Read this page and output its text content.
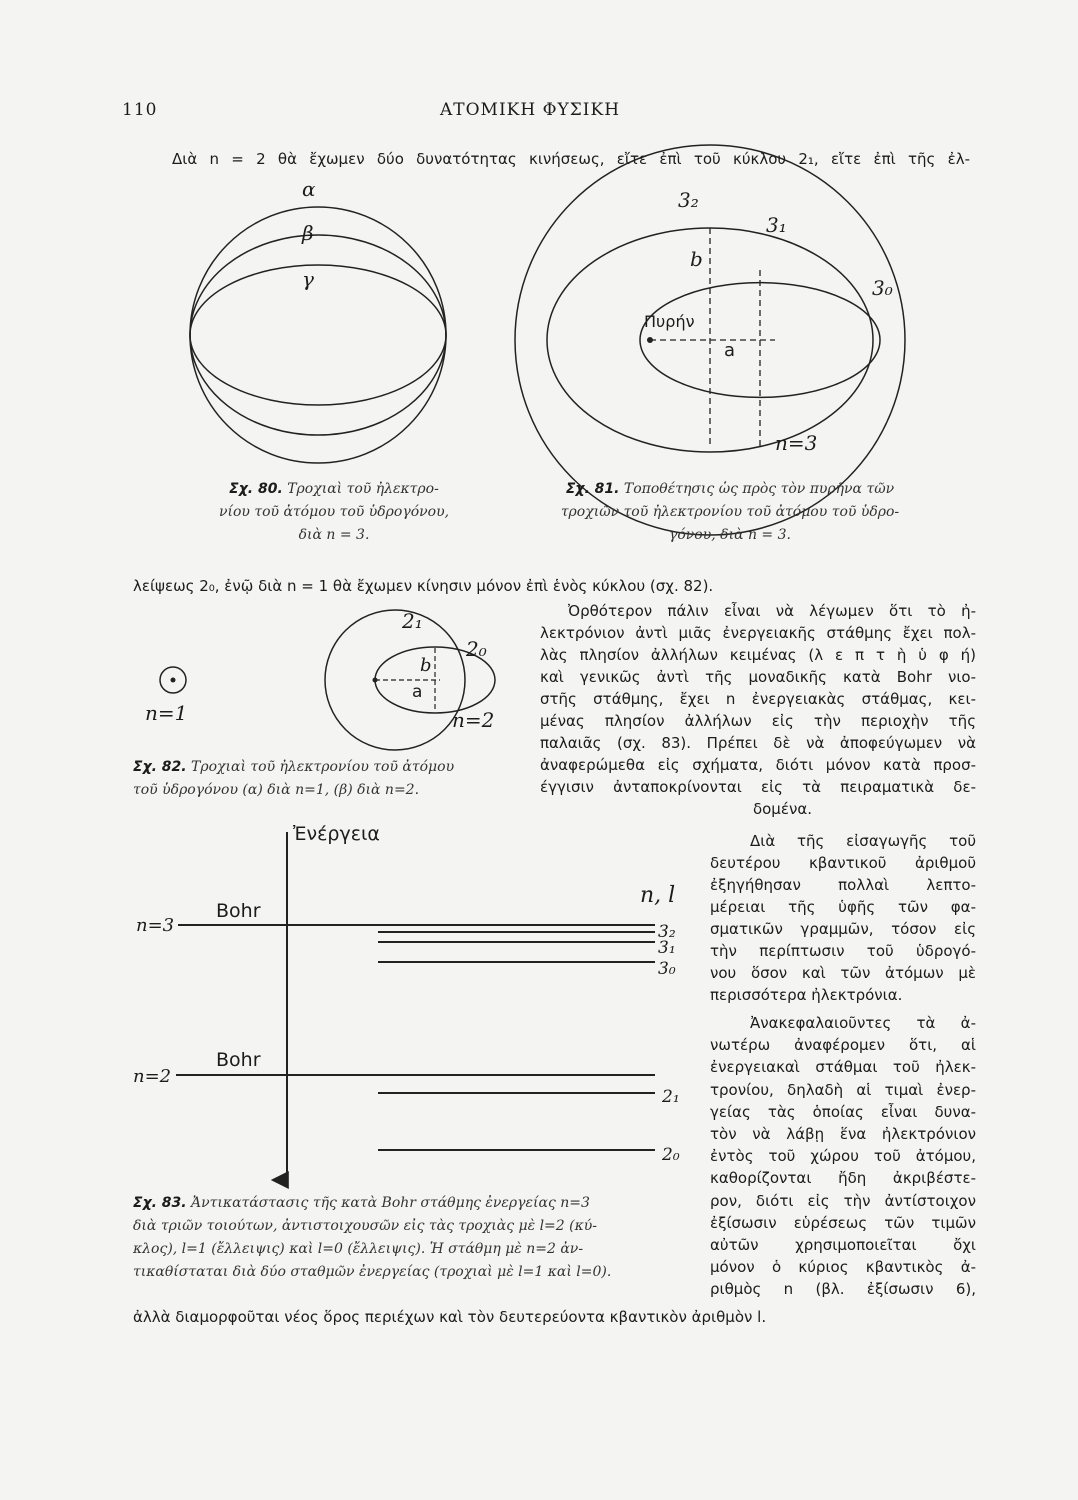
110	ΑΤΟΜΙΚΗ ΦΥΣΙΚΗ
Διὰ n = 2 θὰ ἔχωμεν δύο δυνατότητας κινήσεως, εἴτε ἐπὶ τοῦ κύκλου 2₁, εἴτε ἐπὶ τῆς ἐλ-
α
β
γ
Σχ. 80. Τροχιαὶ τοῦ ἠλεκτρο-
νίου τοῦ ἀτόμου τοῦ ὑδρογόνου,
διὰ n = 3.
3₂
3₁
3₀
b
Πυρήν
a
n=3
Σχ. 81. Τοποθέτησις ὡς πρὸς τὸν πυρῆνα τῶν
τροχιῶν τοῦ ἠλεκτρονίου τοῦ ἀτόμου τοῦ ὑδρο-
γόνου, διὰ n = 3.
λείψεως 2₀, ἐνῷ διὰ n = 1 θὰ ἔχωμεν κίνησιν μόνον ἐπὶ ἑνὸς κύκλου (σχ. 82).
2₁
2₀
b
a
n=1	n=2
Σχ. 82. Τροχιαὶ τοῦ ἠλεκτρονίου τοῦ ἀτόμου
τοῦ ὑδρογόνου (α) διὰ n=1, (β) διὰ n=2.
Ὀρθότερον πάλιν εἶναι νὰ λέγωμεν ὅτι τὸ ἠ-
λεκτρόνιον ἀντὶ μιᾶς ἐνεργειακῆς στάθμης ἔχει πολ-
λὰς πλησίον ἀλλήλων κειμένας (λ ε π τ ὴ ὑ φ ή)
καὶ γενικῶς ἀντὶ τῆς μοναδικῆς κατὰ Bohr νιο-
στῆς στάθμης, ἔχει n ἐνεργειακὰς στάθμας, κει-
μένας πλησίον ἀλλήλων εἰς τὴν περιοχὴν τῆς
παλαιᾶς (σχ. 83). Πρέπει δὲ νὰ ἀποφεύγωμεν νὰ
ἀναφερώμεθα εἰς σχήματα, διότι μόνον κατὰ προσ-
έγγισιν ἀνταποκρίνονται εἰς τὰ πειραματικὰ δε-
δομένα.
Διὰ τῆς εἰσαγωγῆς τοῦ
δευτέρου κβαντικοῦ ἀριθμοῦ
ἐξηγήθησαν πολλαὶ λεπτο-
μέρειαι τῆς ὑφῆς τῶν φα-
σματικῶν γραμμῶν, τόσον εἰς
τὴν περίπτωσιν τοῦ ὑδρογό-
νου ὅσον καὶ τῶν ἀτόμων μὲ
περισσότερα ἠλεκτρόνια.
Ἀνακεφαλαιοῦντες τὰ ἀ-
νωτέρω ἀναφέρομεν ὅτι, αἱ
ἐνεργειακαὶ στάθμαι τοῦ ἠλεκ-
τρονίου, δηλαδὴ αἱ τιμαὶ ἐνερ-
γείας τὰς ὁποίας εἶναι δυνα-
τὸν νὰ λάβῃ ἕνα ἠλεκτρόνιον
ἐντὸς τοῦ χώρου τοῦ ἀτόμου,
καθορίζονται ἤδη ἀκριβέστε-
ρον, διότι εἰς τὴν ἀντίστοιχον
ἐξίσωσιν εὑρέσεως τῶν τιμῶν
αὐτῶν χρησιμοποιεῖται ὄχι
μόνον ὁ κύριος κβαντικὸς ἀ-
ριθμὸς n (βλ. ἐξίσωσιν 6),
Ἐνέργεια
n, l
n=3
Bohr
3₂
3₁
3₀
n=2
Bohr
2₁
2₀
Σχ. 83. Ἀντικατάστασις τῆς κατὰ Bohr στάθμης ἐνεργείας n=3
διὰ τριῶν τοιούτων, ἀντιστοιχουσῶν εἰς τὰς τροχιὰς μὲ l=2 (κύ-
κλος), l=1 (ἔλλειψις) καὶ l=0 (ἔλλειψις). Ἡ στάθμη μὲ n=2 ἀν-
τικαθίσταται διὰ δύο σταθμῶν ἐνεργείας (τροχιαὶ μὲ l=1 καὶ l=0).
ἀλλὰ διαμορφοῦται νέος ὅρος περιέχων καὶ τὸν δευτερεύοντα κβαντικὸν ἀριθμὸν l.
